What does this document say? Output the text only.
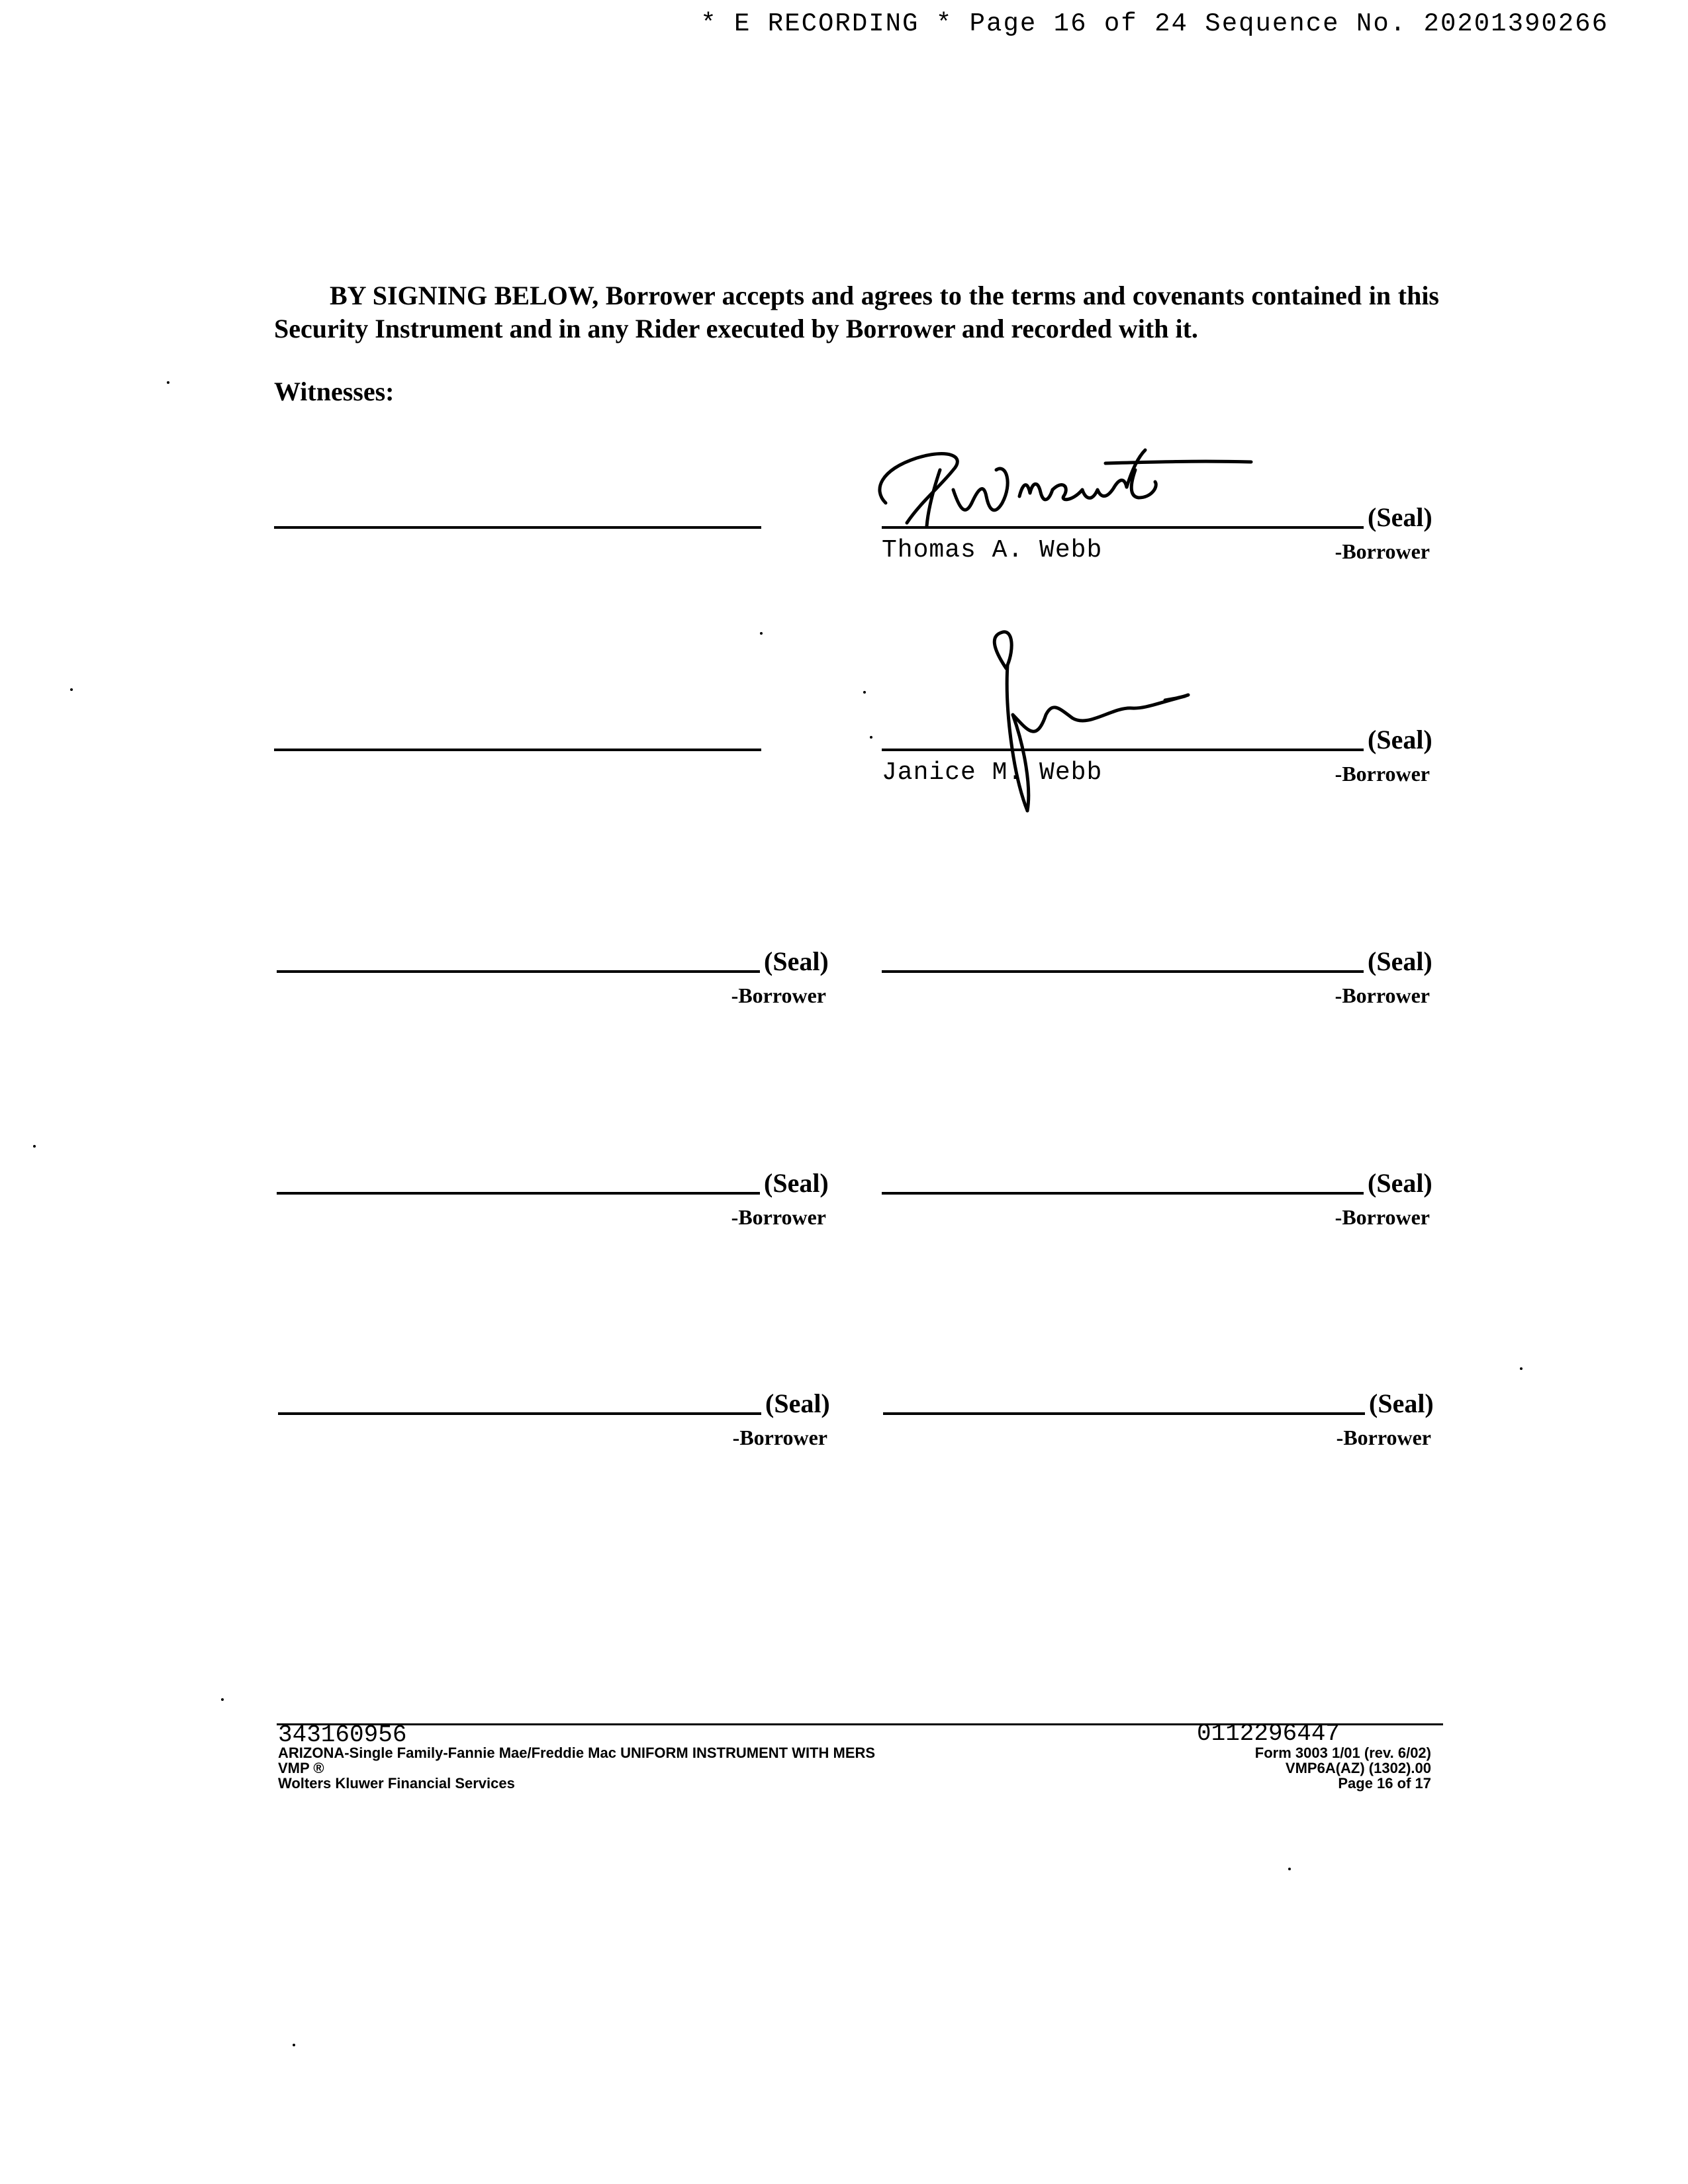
* E RECORDING * Page 16 of 24 Sequence No. 20201390266
BY SIGNING BELOW, Borrower accepts and agrees to the terms and covenants contained in this Security Instrument and in any Rider executed by Borrower and recorded with it.
Witnesses:
(Seal)
-Borrower
Thomas A. Webb
(Seal)
-Borrower
Janice M. Webb
(Seal)
-Borrower
(Seal)
-Borrower
(Seal)
-Borrower
(Seal)
-Borrower
(Seal)
-Borrower
(Seal)
-Borrower
343160956	0112296447
ARIZONA-Single Family-Fannie Mae/Freddie Mac UNIFORM INSTRUMENT WITH MERS
VMP ®
Wolters Kluwer Financial Services
Form 3003 1/01 (rev. 6/02)
VMP6A(AZ) (1302).00
Page 16 of 17
